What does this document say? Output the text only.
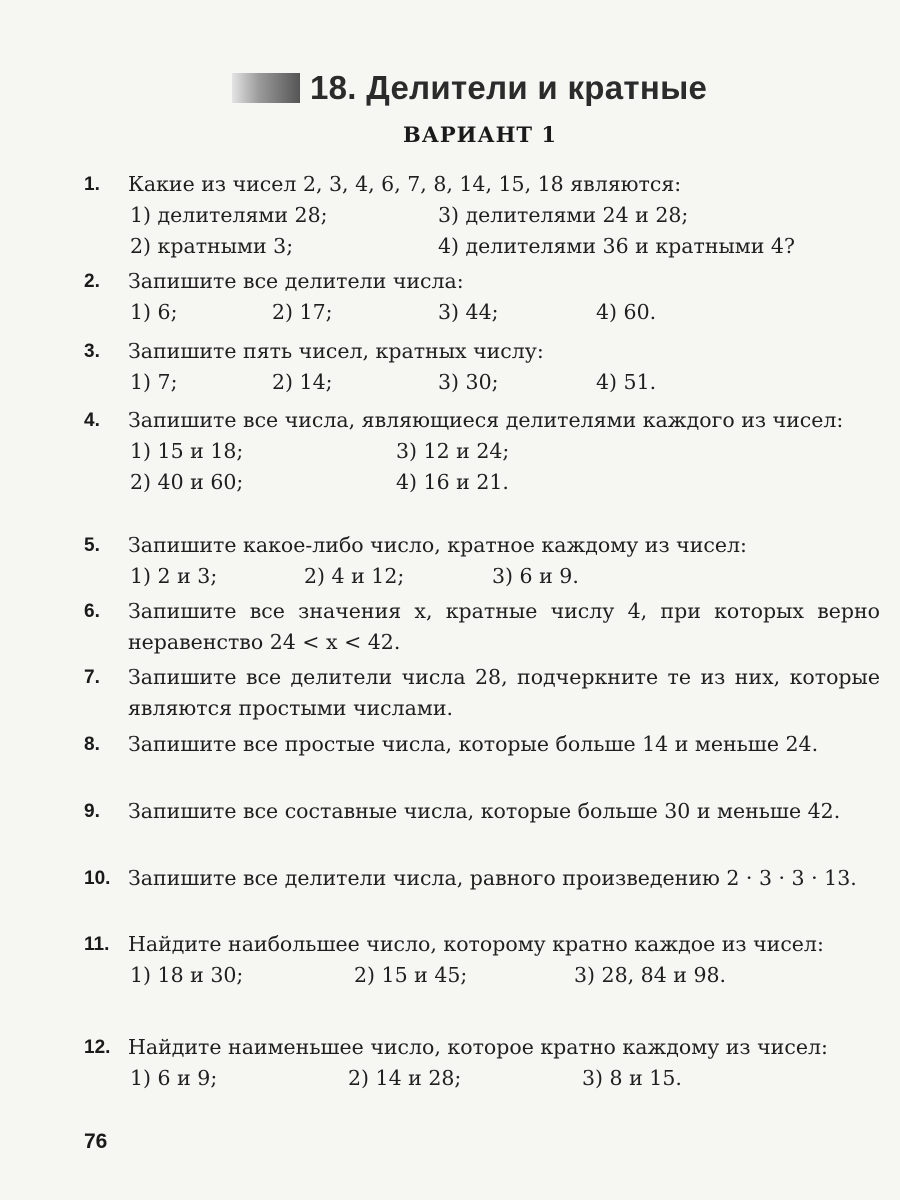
18. Делители и кратные
ВАРИАНТ 1
1. Какие из чисел 2, 3, 4, 6, 7, 8, 14, 15, 18 являются:
1) делителями 28;	3) делителями 24 и 28;
2) кратными 3;	4) делителями 36 и кратными 4?
2. Запишите все делители числа:
1) 6;	2) 17;	3) 44;	4) 60.
3. Запишите пять чисел, кратных числу:
1) 7;	2) 14;	3) 30;	4) 51.
4. Запишите все числа, являющиеся делителями каждого из чисел:
1) 15 и 18;	3) 12 и 24;
2) 40 и 60;	4) 16 и 21.
5. Запишите какое-либо число, кратное каждому из чисел:
1) 2 и 3;	2) 4 и 12;	3) 6 и 9.
6. Запишите все значения x, кратные числу 4, при которых верно неравенство 24 < x < 42.
7. Запишите все делители числа 28, подчеркните те из них, которые являются простыми числами.
8. Запишите все простые числа, которые больше 14 и меньше 24.
9. Запишите все составные числа, которые больше 30 и меньше 42.
10. Запишите все делители числа, равного произведению 2 · 3 · 3 · 13.
11. Найдите наибольшее число, которому кратно каждое из чисел:
1) 18 и 30;	2) 15 и 45;	3) 28, 84 и 98.
12. Найдите наименьшее число, которое кратно каждому из чисел:
1) 6 и 9;	2) 14 и 28;	3) 8 и 15.
76
